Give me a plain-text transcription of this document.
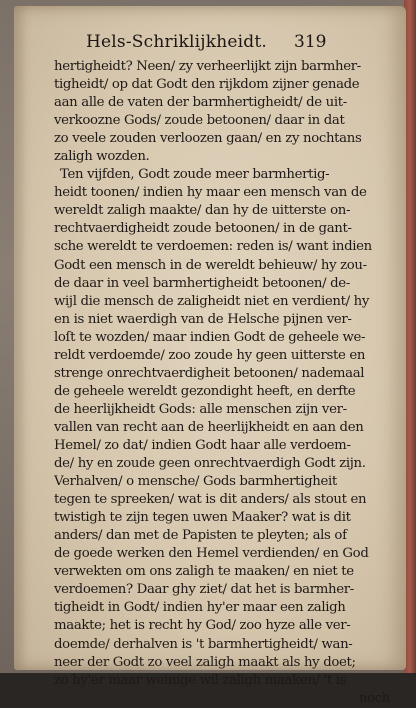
Hels-Schriklijkheidt. 319
hertigheidt? Neen/ zy verheerlijkt zijn barmher-
tigheidt/ op dat Godt den rijkdom zijner genade
aan alle de vaten der barmhertigheidt/ de uit-
verkoozne Gods/ zoude betoonen/ daar in dat
zo veele zouden verloozen gaan/ en zy nochtans
zaligh wozden.
Ten vijfden, Godt zoude meer barmhertig-
heidt toonen/ indien hy maar een mensch van de
wereldt zaligh maakte/ dan hy de uitterste on-
rechtvaerdigheidt zoude betoonen/ in de gant-
sche wereldt te verdoemen: reden is/ want indien
Godt een mensch in de wereldt behieuw/ hy zou-
de daar in veel barmhertigheidt betoonen/ de-
wijl die mensch de zaligheidt niet en verdient/ hy
en is niet waerdigh van de Helsche pijnen ver-
loſt te wozden/ maar indien Godt de geheele we-
reldt verdoemde/ zoo zoude hy geen uitterste en
strenge onrechtvaerdigheit betoonen/ nademaal
de geheele wereldt gezondight heeft, en derfte
de heerlijkheidt Gods: alle menschen zijn ver-
vallen van recht aan de heerlijkheidt en aan den
Hemel/ zo dat/ indien Godt haar alle verdoem-
de/ hy en zoude geen onrechtvaerdigh Godt zijn.
Verhalven/ o mensche/ Gods barmhertigheit
tegen te spreeken/ wat is dit anders/ als stout en
twistigh te zijn tegen uwen Maaker? wat is dit
anders/ dan met de Papisten te pleyten; als of
de goede werken den Hemel verdienden/ en God
verwekten om ons zaligh te maaken/ en niet te
verdoemen? Daar ghy ziet/ dat het is barmher-
tigheidt in Godt/ indien hy'er maar een zaligh
maakte; het is recht hy God/ zoo hyze alle ver-
doemde/ derhalven is 't barmhertigheidt/ wan-
neer der Godt zo veel zaligh maakt als hy doet;
zo hy'er maar weinige wil zaligh maaken/ 't is
noch
